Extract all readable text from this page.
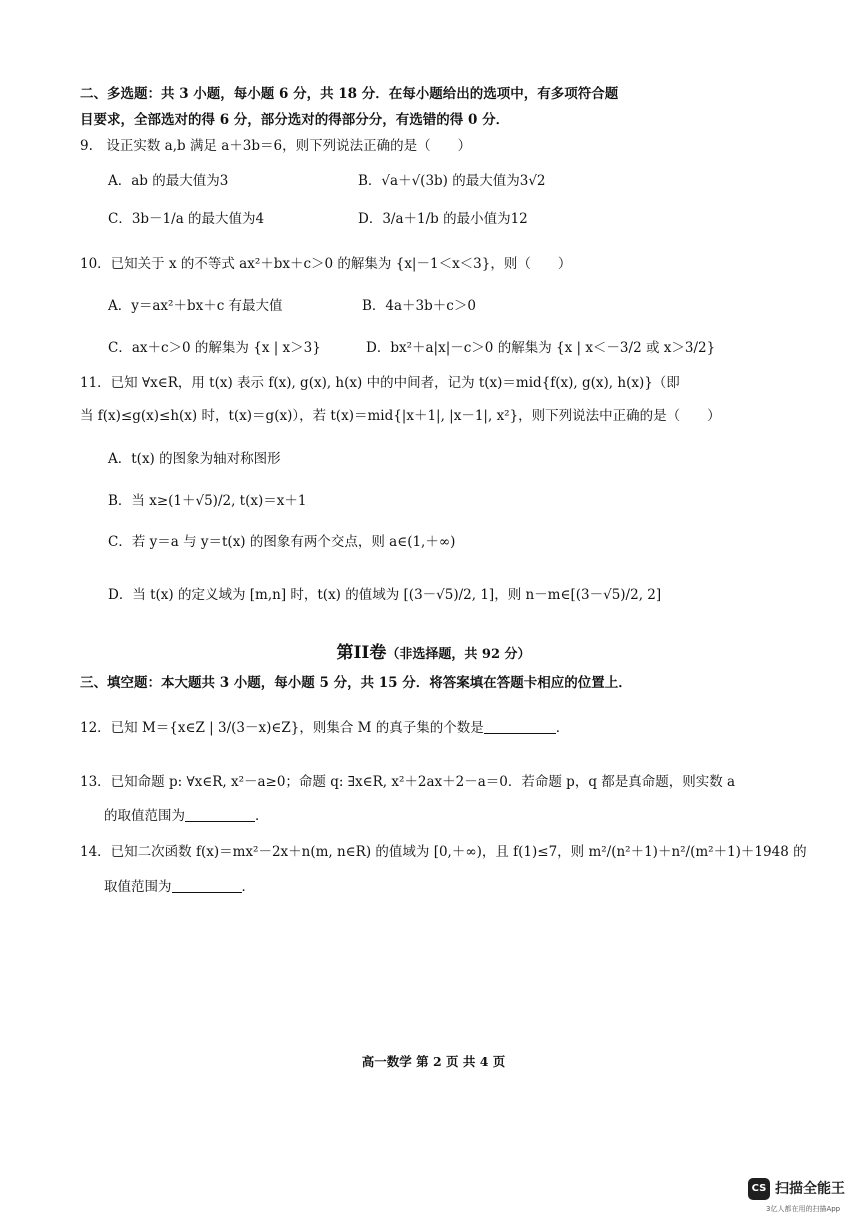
二、多选题：共 3 小题，每小题 6 分，共 18 分．在每小题给出的选项中，有多项符合题
目要求，全部选对的得 6 分，部分选对的得部分分，有选错的得 0 分．
9.　设正实数 a,b 满足 a＋3b＝6，则下列说法正确的是（　　）
A．ab 的最大值为3	B．√a＋√(3b) 的最大值为3√2
C．3b－1/a 的最大值为4	D．3/a＋1/b 的最小值为12
10．已知关于 x 的不等式 ax²＋bx＋c＞0 的解集为 {x|－1＜x＜3}，则（　　）
A．y＝ax²＋bx＋c 有最大值	B．4a＋3b＋c＞0
C．ax＋c＞0 的解集为 {x | x＞3}	D．bx²＋a|x|－c＞0 的解集为 {x | x＜－3/2 或 x＞3/2}
11．已知 ∀x∈R，用 t(x) 表示 f(x), g(x), h(x) 中的中间者，记为 t(x)＝mid{f(x), g(x), h(x)}（即
当 f(x)≤g(x)≤h(x) 时，t(x)＝g(x)），若 t(x)＝mid{|x＋1|, |x－1|, x²}，则下列说法中正确的是（　　）
A．t(x) 的图象为轴对称图形
B．当 x≥(1＋√5)/2, t(x)＝x＋1
C．若 y＝a 与 y＝t(x) 的图象有两个交点，则 a∈(1,＋∞)
D．当 t(x) 的定义域为 [m,n] 时，t(x) 的值域为 [(3－√5)/2, 1]，则 n－m∈[(3－√5)/2, 2]
第II卷（非选择题，共 92 分）
三、填空题：本大题共 3 小题，每小题 5 分，共 15 分．将答案填在答题卡相应的位置上．
12．已知 M＝{x∈Z | 3/(3－x)∈Z}，则集合 M 的真子集的个数是	．
13．已知命题 p: ∀x∈R, x²－a≥0；命题 q: ∃x∈R, x²＋2ax＋2－a＝0．若命题 p，q 都是真命题，则实数 a
的取值范围为	．
14．已知二次函数 f(x)＝mx²－2x＋n(m, n∈R) 的值域为 [0,＋∞)，且 f(1)≤7，则 m²/(n²＋1)＋n²/(m²＋1)＋1948 的
取值范围为	．
高一数学 第 2 页 共 4 页
CS 扫描全能王
3亿人都在用的扫描App
